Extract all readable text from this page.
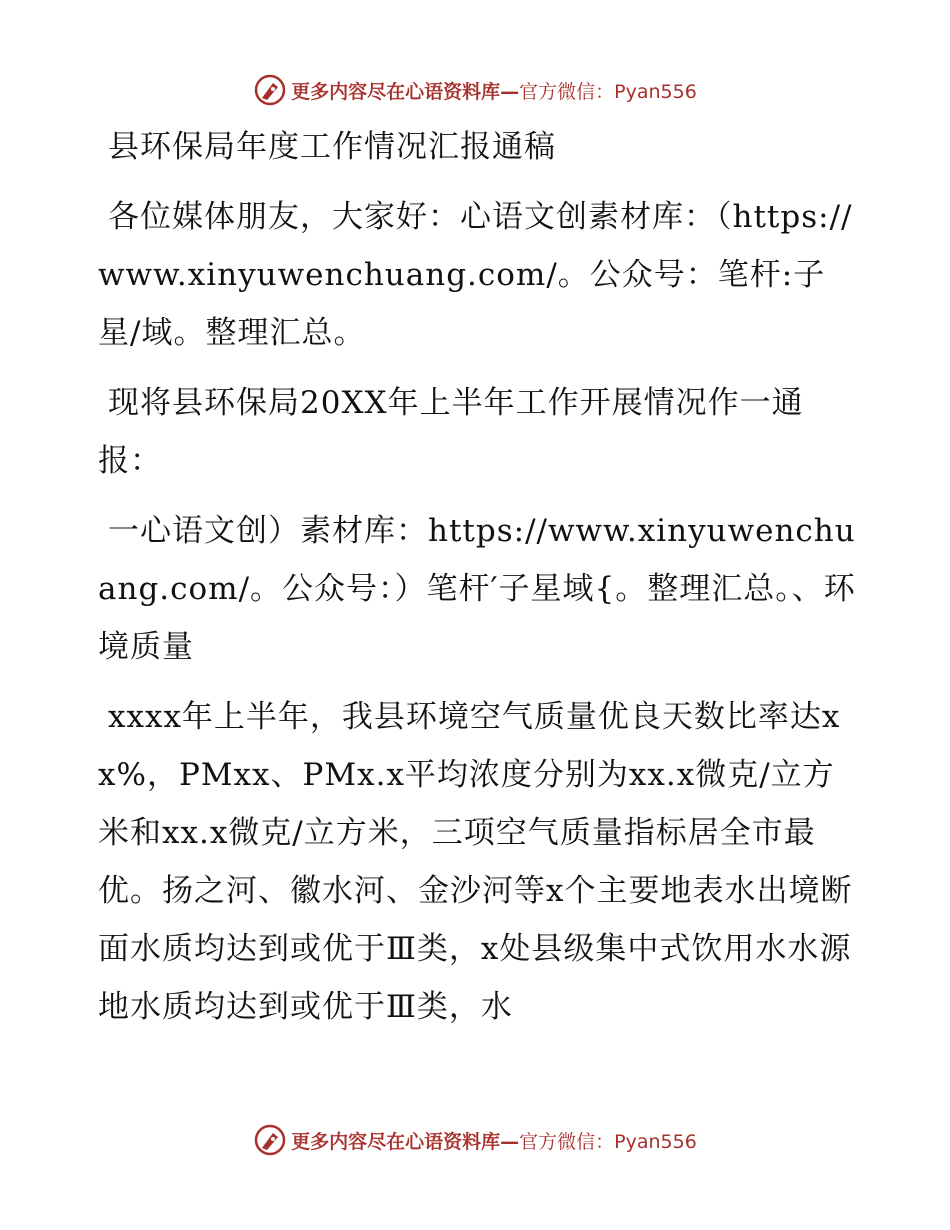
更多内容尽在心语资料库— 官方微信：Pyan556

县环保局年度工作情况汇报通稿

各位媒体朋友，大家好：心语文创素材库：（https://www.xinyuwenchuang.com/。公众号：笔杆:子星/域。整理汇总。

现将县环保局20XX年上半年工作开展情况作一通报：

一心语文创）素材库：https://www.xinyuwenchuang.com/。公众号：）笔杆′子星域{。整理汇总。、环境质量

xxxx年上半年，我县环境空气质量优良天数比率达xx%，PMxx、PMx.x平均浓度分别为xx.x微克/立方米和xx.x微克/立方米，三项空气质量指标居全市最优。扬之河、徽水河、金沙河等x个主要地表水出境断面水质均达到或优于Ⅲ类，x处县级集中式饮用水水源地水质均达到或优于Ⅲ类，水

更多内容尽在心语资料库— 官方微信：Pyan556
